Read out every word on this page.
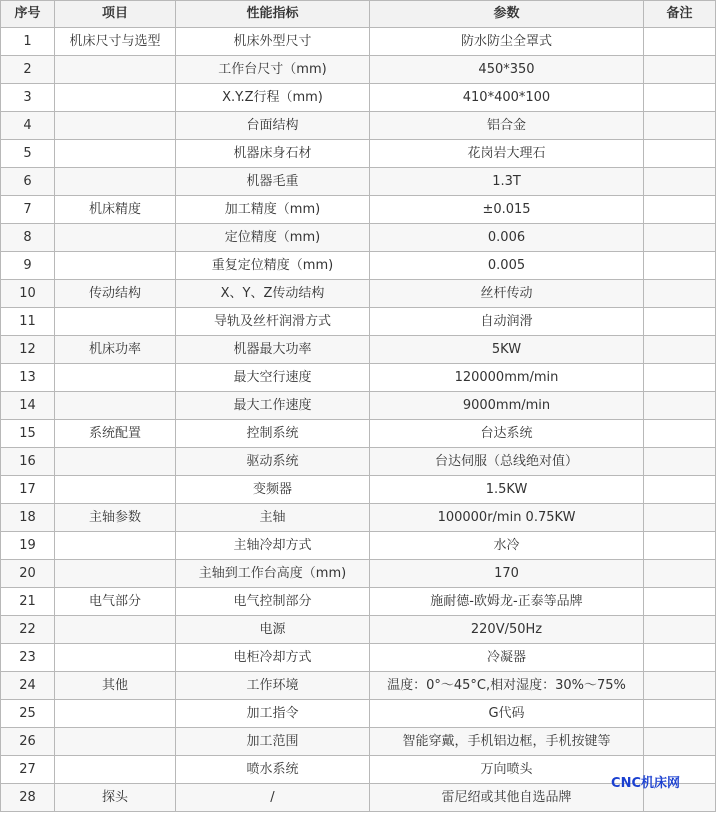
序号	项目	性能指标	参数	备注
1	机床尺寸与选型	机床外型尺寸	防水防尘全罩式	
2		工作台尺寸（mm)	450*350	
3		X.Y.Z行程（mm)	410*400*100	
4		台面结构	铝合金	
5		机器床身石材	花岗岩大理石	
6		机器毛重	1.3T	
7	机床精度	加工精度（mm)	±0.015	
8		定位精度（mm)	0.006	
9		重复定位精度（mm)	0.005	
10	传动结构	X、Y、Z传动结构	丝杆传动	
11		导轨及丝杆润滑方式	自动润滑	
12	机床功率	机器最大功率	5KW	
13		最大空行速度	120000mm/min	
14		最大工作速度	9000mm/min	
15	系统配置	控制系统	台达系统	
16		驱动系统	台达伺服（总线绝对值）	
17		变频器	1.5KW	
18	主轴参数	主轴	100000r/min 0.75KW	
19		主轴冷却方式	水冷	
20		主轴到工作台高度（mm)	170	
21	电气部分	电气控制部分	施耐德-欧姆龙-正泰等品牌	
22		电源	220V/50Hz	
23		电柜冷却方式	冷凝器	
24	其他	工作环境	温度：0°～45°C,相对湿度：30%～75%	
25		加工指令	G代码	
26		加工范围	智能穿戴，手机铝边框，手机按键等	
27		喷水系统	万向喷头	
28	探头	/	雷尼绍或其他自选品牌	
CNC机床网
